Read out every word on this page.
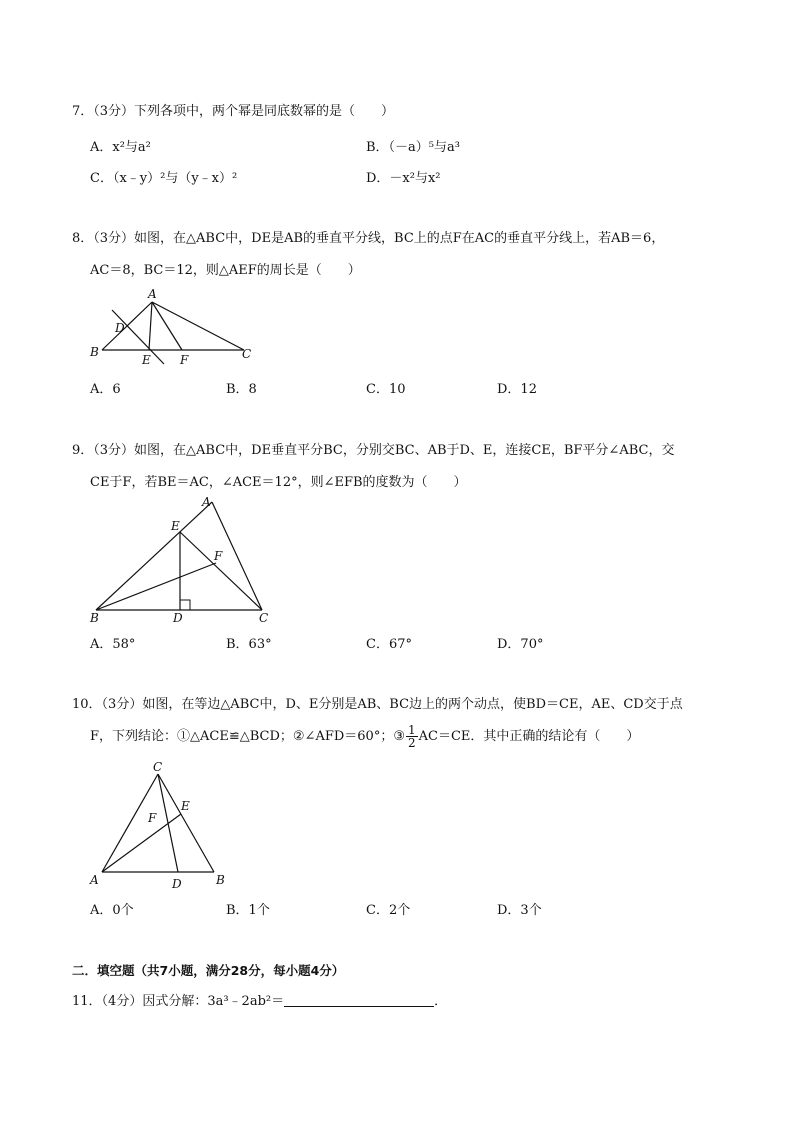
7．（3分）下列各项中，两个幂是同底数幂的是（　　）
A．x²与a²	B．（－a）⁵与a³
C．（x﹣y）²与（y﹣x）²	D．－x²与x²
8．（3分）如图，在△ABC中，DE是AB的垂直平分线，BC上的点F在AC的垂直平分线上，若AB＝6，
AC＝8，BC＝12，则△AEF的周长是（　　）
A
D
B
E F	C
A．6	B．8	C．10	D．12
9．（3分）如图，在△ABC中，DE垂直平分BC，分别交BC、AB于D、E，连接CE，BF平分∠ABC，交
CE于F，若BE＝AC，∠ACE＝12°，则∠EFB的度数为（　　）
A
E
F
B	D	C
A．58°	B．63°	C．67°	D．70°
10．（3分）如图，在等边△ABC中，D、E分别是AB、BC边上的两个动点，使BD＝CE，AE、CD交于点
F，下列结论：①△ACE≌△BCD；②∠AFD＝60°；③ $\frac{1}{2} AC=CE$．其中正确的结论有（　　）
C
E
F
A	D	B
A．0个	B．1个	C．2个	D．3个
二．填空题（共7小题，满分28分，每小题4分）
11．（4分）因式分解：3a³﹣2ab²＝	．
